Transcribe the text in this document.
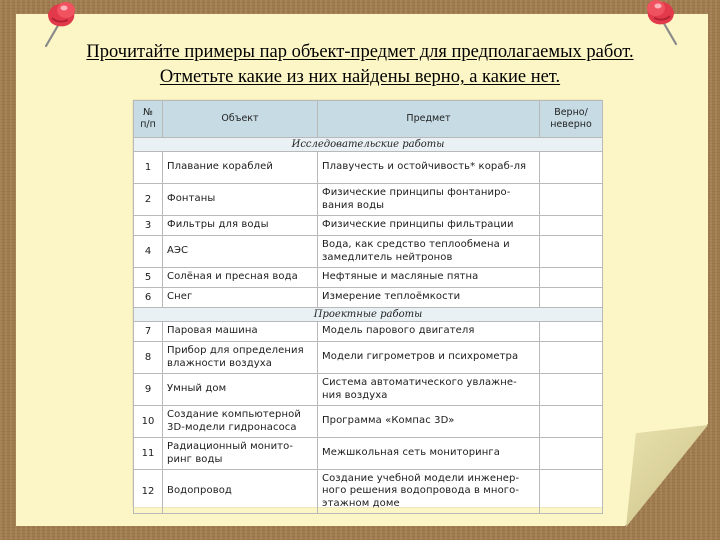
Прочитайте примеры пар объект-предмет для предполагаемых работ.
Отметьте какие из них найдены верно, а какие нет.
№ п/п	Объект	Предмет	Верно/ неверно
Исследовательские работы			
1	Плавание кораблей	Плавучесть и остойчивость* кораб-ля	
2	Фонтаны	Физические принципы фонтаниро-вания воды	
3	Фильтры для воды	Физические принципы фильтрации	
4	АЭС	Вода, как средство теплообмена и замедлитель нейтронов	
5	Солёная и пресная вода	Нефтяные и масляные пятна	
6	Снег	Измерение теплоёмкости	
Проектные работы			
7	Паровая машина	Модель парового двигателя	
8	Прибор для определения влажности воздуха	Модели гигрометров и психрометра	
9	Умный дом	Система автоматического увлажне-ния воздуха	
10	Создание компьютерной 3D-модели гидронасоса	Программа «Компас 3D»	
11	Радиационный монито-ринг воды	Межшкольная сеть мониторинга	
12	Водопровод	Создание учебной модели инженер-ного решения водопровода в много-этажном доме	
